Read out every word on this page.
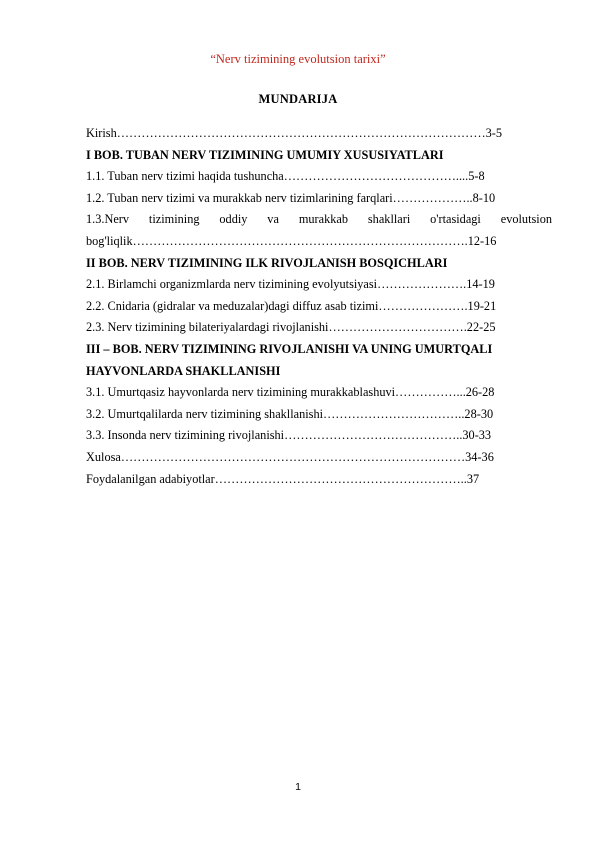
“Nerv tizimining evolutsion tarixi”
MUNDARIJA
Kirish………………………………………………………………………………3-5
I BOB. TUBAN NERV TIZIMINING UMUMIY XUSUSIYATLARI
1.1. Tuban nerv tizimi haqida tushuncha……………………………………....5-8
1.2. Tuban nerv tizimi va murakkab nerv tizimlarining farqlari………………..8-10
1.3.Nerv tizimining oddiy va murakkab shakllari o'rtasidagi evolutsion
bog'liqlik……………………………………………………………………….12-16
II BOB. NERV TIZIMINING ILK RIVOJLANISH BOSQICHLARI
2.1. Birlamchi organizmlarda nerv tizimining evolyutsiyasi………………….14-19
2.2. Cnidaria (gidralar va meduzalar)dagi diffuz asab tizimi………………….19-21
2.3. Nerv tizimining bilateriyalardagi rivojlanishi…………………………….22-25
III – BOB. NERV TIZIMINING RIVOJLANISHI VA UNING UMURTQALI
HAYVONLARDA SHAKLLANISHI
3.1. Umurtqasiz hayvonlarda nerv tizimining murakkablashuvi……………...26-28
3.2. Umurtqalilarda nerv tizimining shakllanishi……………………………..28-30
3.3. Insonda nerv tizimining rivojlanishi……………………………………..30-33
Xulosa…………………………………………………………………………34-36
Foydalanilgan adabiyotlar……………………………………………………..37
1
